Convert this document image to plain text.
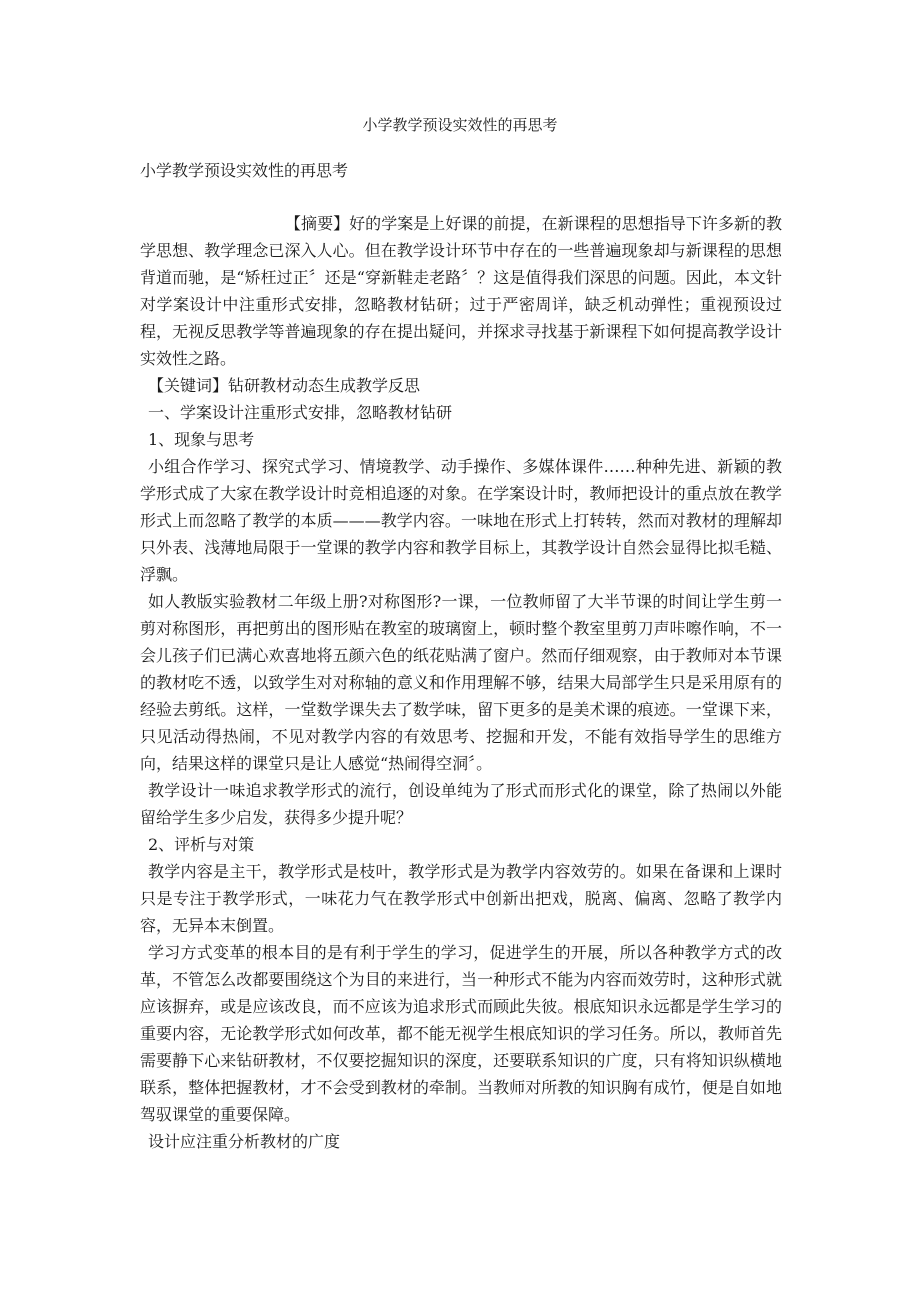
小学教学预设实效性的再思考
小学教学预设实效性的再思考

【摘要】好的学案是上好课的前提，在新课程的思想指导下许多新的教学思想、教学理念已深入人心。但在教学设计环节中存在的一些普遍现象却与新课程的思想背道而驰，是“矫枉过正〞还是“穿新鞋走老路〞？这是值得我们深思的问题。因此，本文针对学案设计中注重形式安排，忽略教材钻研；过于严密周详，缺乏机动弹性；重视预设过程，无视反思教学等普遍现象的存在提出疑问，并探求寻找基于新课程下如何提高教学设计实效性之路。

【关键词】钻研教材动态生成教学反思

一、学案设计注重形式安排，忽略教材钻研

1、现象与思考

小组合作学习、探究式学习、情境教学、动手操作、多媒体课件……种种先进、新颖的教学形式成了大家在教学设计时竞相追逐的对象。在学案设计时，教师把设计的重点放在教学形式上而忽略了教学的本质———教学内容。一味地在形式上打转转，然而对教材的理解却只外表、浅薄地局限于一堂课的教学内容和教学目标上，其教学设计自然会显得比拟毛糙、浮飘。

如人教版实验教材二年级上册?对称图形?一课，一位教师留了大半节课的时间让学生剪一剪对称图形，再把剪出的图形贴在教室的玻璃窗上，顿时整个教室里剪刀声咔嚓作响，不一会儿孩子们已满心欢喜地将五颜六色的纸花贴满了窗户。然而仔细观察，由于教师对本节课的教材吃不透，以致学生对对称轴的意义和作用理解不够，结果大局部学生只是采用原有的经验去剪纸。这样，一堂数学课失去了数学味，留下更多的是美术课的痕迹。一堂课下来，只见活动得热闹，不见对教学内容的有效思考、挖掘和开发，不能有效指导学生的思维方向，结果这样的课堂只是让人感觉“热闹得空洞〞。

教学设计一味追求教学形式的流行，创设单纯为了形式而形式化的课堂，除了热闹以外能留给学生多少启发，获得多少提升呢？

2、评析与对策

教学内容是主干，教学形式是枝叶，教学形式是为教学内容效劳的。如果在备课和上课时只是专注于教学形式，一味花力气在教学形式中创新出把戏，脱离、偏离、忽略了教学内容，无异本末倒置。

学习方式变革的根本目的是有利于学生的学习，促进学生的开展，所以各种教学方式的改革，不管怎么改都要围绕这个为目的来进行，当一种形式不能为内容而效劳时，这种形式就应该摒弃，或是应该改良，而不应该为追求形式而顾此失彼。根底知识永远都是学生学习的重要内容，无论教学形式如何改革，都不能无视学生根底知识的学习任务。所以，教师首先需要静下心来钻研教材，不仅要挖掘知识的深度，还要联系知识的广度，只有将知识纵横地联系，整体把握教材，才不会受到教材的牵制。当教师对所教的知识胸有成竹，便是自如地驾驭课堂的重要保障。

设计应注重分析教材的广度
